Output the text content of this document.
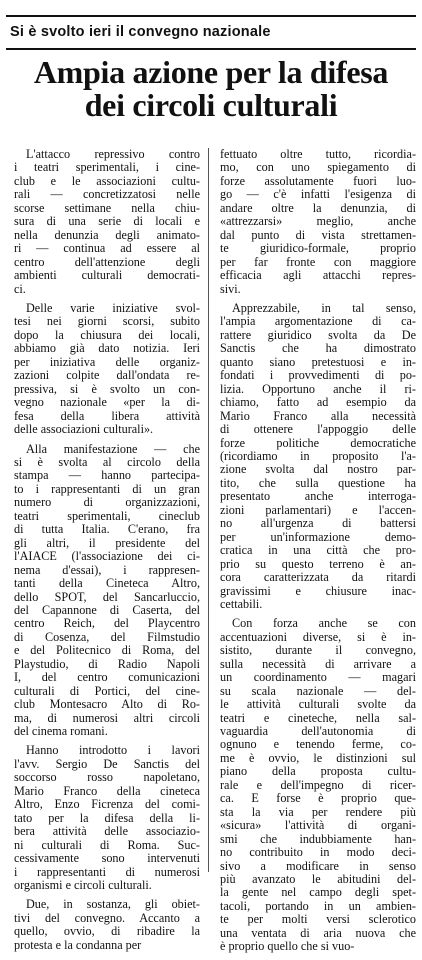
Si è svolto ieri il convegno nazionale
Ampia azione per la difesa
dei circoli culturali
L'attacco repressivo contro
i teatri sperimentali, i cine-
club e le associazioni cultu-
rali — concretizzatosi nelle
scorse settimane nella chiu-
sura di una serie di locali e
nella denunzia degli animato-
ri — continua ad essere al
centro dell'attenzione degli
ambienti culturali democrati-
ci.
Delle varie iniziative svol-
tesi nei giorni scorsi, subito
dopo la chiusura dei locali,
abbiamo già dato notizia. Ieri
per iniziativa delle organiz-
zazioni colpite dall'ondata re-
pressiva, si è svolto un con-
vegno nazionale «per la di-
fesa della libera attività
delle associazioni culturali».
Alla manifestazione — che
si è svolta al circolo della
stampa — hanno partecipa-
to i rappresentanti di un gran
numero di organizzazioni,
teatri sperimentali, cineclub
di tutta Italia. C'erano, fra
gli altri, il presidente del
l'AIACE (l'associazione dei ci-
nema d'essai), i rappresen-
tanti della Cineteca Altro,
dello SPOT, del Sancarluccio,
del Capannone di Caserta, del
centro Reich, del Playcentro
di Cosenza, del Filmstudio
e del Politecnico di Roma, del
Playstudio, di Radio Napoli
I, del centro comunicazioni
culturali di Portici, del cine-
club Montesacro Alto di Ro-
ma, di numerosi altri circoli
del cinema romani.
Hanno introdotto i lavori
l'avv. Sergio De Sanctis del
soccorso rosso napoletano,
Mario Franco della cineteca
Altro, Enzo Ficrenza del comi-
tato per la difesa della li-
bera attività delle associazio-
ni culturali di Roma. Suc-
cessivamente sono intervenuti
i rappresentanti di numerosi
organismi e circoli culturali.
Due, in sostanza, gli obiet-
tivi del convegno. Accanto a
quello, ovvio, di ribadire la
protesta e la condanna per
fettuato oltre tutto, ricordia-
mo, con uno spiegamento di
forze assolutamente fuori luo-
go — c'è infatti l'esigenza di
andare oltre la denunzia, di
«attrezzarsi» meglio, anche
dal punto di vista strettamen-
te giuridico-formale, proprio
per far fronte con maggiore
efficacia agli attacchi repres-
sivi.
Apprezzabile, in tal senso,
l'ampia argomentazione di ca-
rattere giuridico svolta da De
Sanctis che ha dimostrato
quanto siano pretestuosi e in-
fondati i provvedimenti di po-
lizia. Opportuno anche il ri-
chiamo, fatto ad esempio da
Mario Franco alla necessità
di ottenere l'appoggio delle
forze politiche democratiche
(ricordiamo in proposito l'a-
zione svolta dal nostro par-
tito, che sulla questione ha
presentato anche interroga-
zioni parlamentari) e l'accen-
no all'urgenza di battersi
per un'informazione demo-
cratica in una città che pro-
prio su questo terreno è an-
cora caratterizzata da ritardi
gravissimi e chiusure inac-
cettabili.
Con forza anche se con
accentuazioni diverse, si è in-
sistito, durante il convegno,
sulla necessità di arrivare a
un coordinamento — magari
su scala nazionale — del-
le attività culturali svolte da
teatri e cineteche, nella sal-
vaguardia dell'autonomia di
ognuno e tenendo ferme, co-
me è ovvio, le distinzioni sul
piano della proposta cultu-
rale e dell'impegno di ricer-
ca. E forse è proprio que-
sta la via per rendere più
«sicura» l'attività di organi-
smi che indubbiamente han-
no contribuito in modo deci-
sivo a modificare in senso
più avanzato le abitudini del-
la gente nel campo degli spet-
tacoli, portando in un ambien-
te per molti versi sclerotico
una ventata di aria nuova che
è proprio quello che si vuo-
